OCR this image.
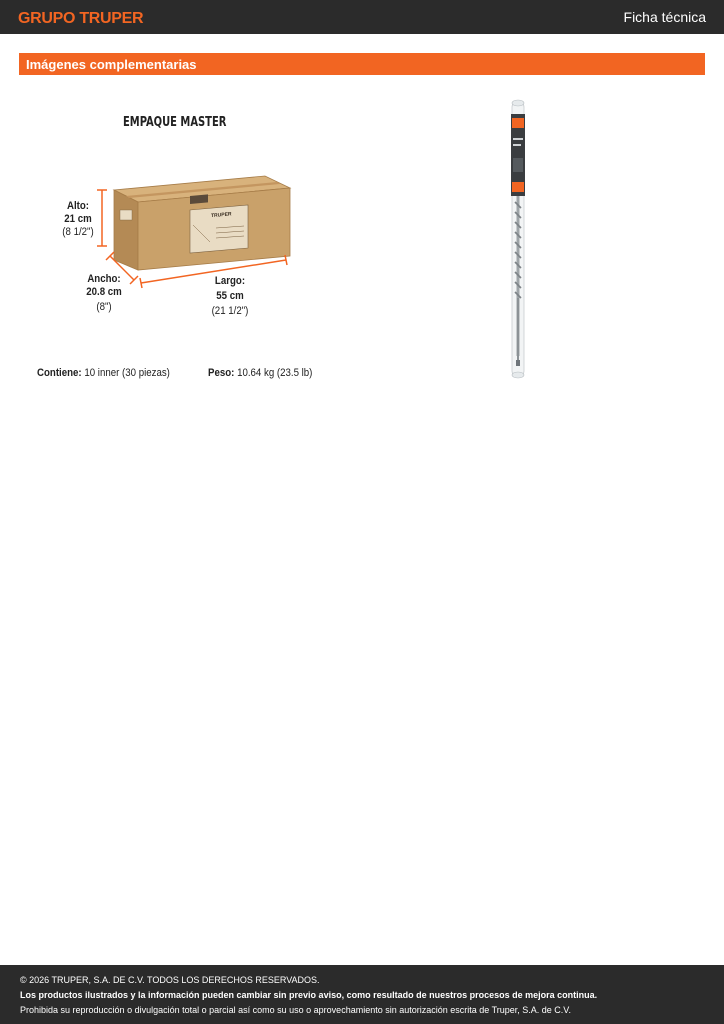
GRUPO TRUPER	Ficha técnica
Imágenes complementarias
EMPAQUE MASTER
TRUPER
Alto:
21 cm
(8 1/2")
Ancho:
20.8 cm
(8")
Largo:
55 cm
(21 1/2")
Contiene: 10 inner (30 piezas)	Peso: 10.64 kg (23.5 lb)
© 2026 TRUPER, S.A. DE C.V. TODOS LOS DERECHOS RESERVADOS.
Los productos ilustrados y la información pueden cambiar sin previo aviso, como resultado de nuestros procesos de mejora continua.
Prohibida su reproducción o divulgación total o parcial así como su uso o aprovechamiento sin autorización escrita de Truper, S.A. de C.V.
